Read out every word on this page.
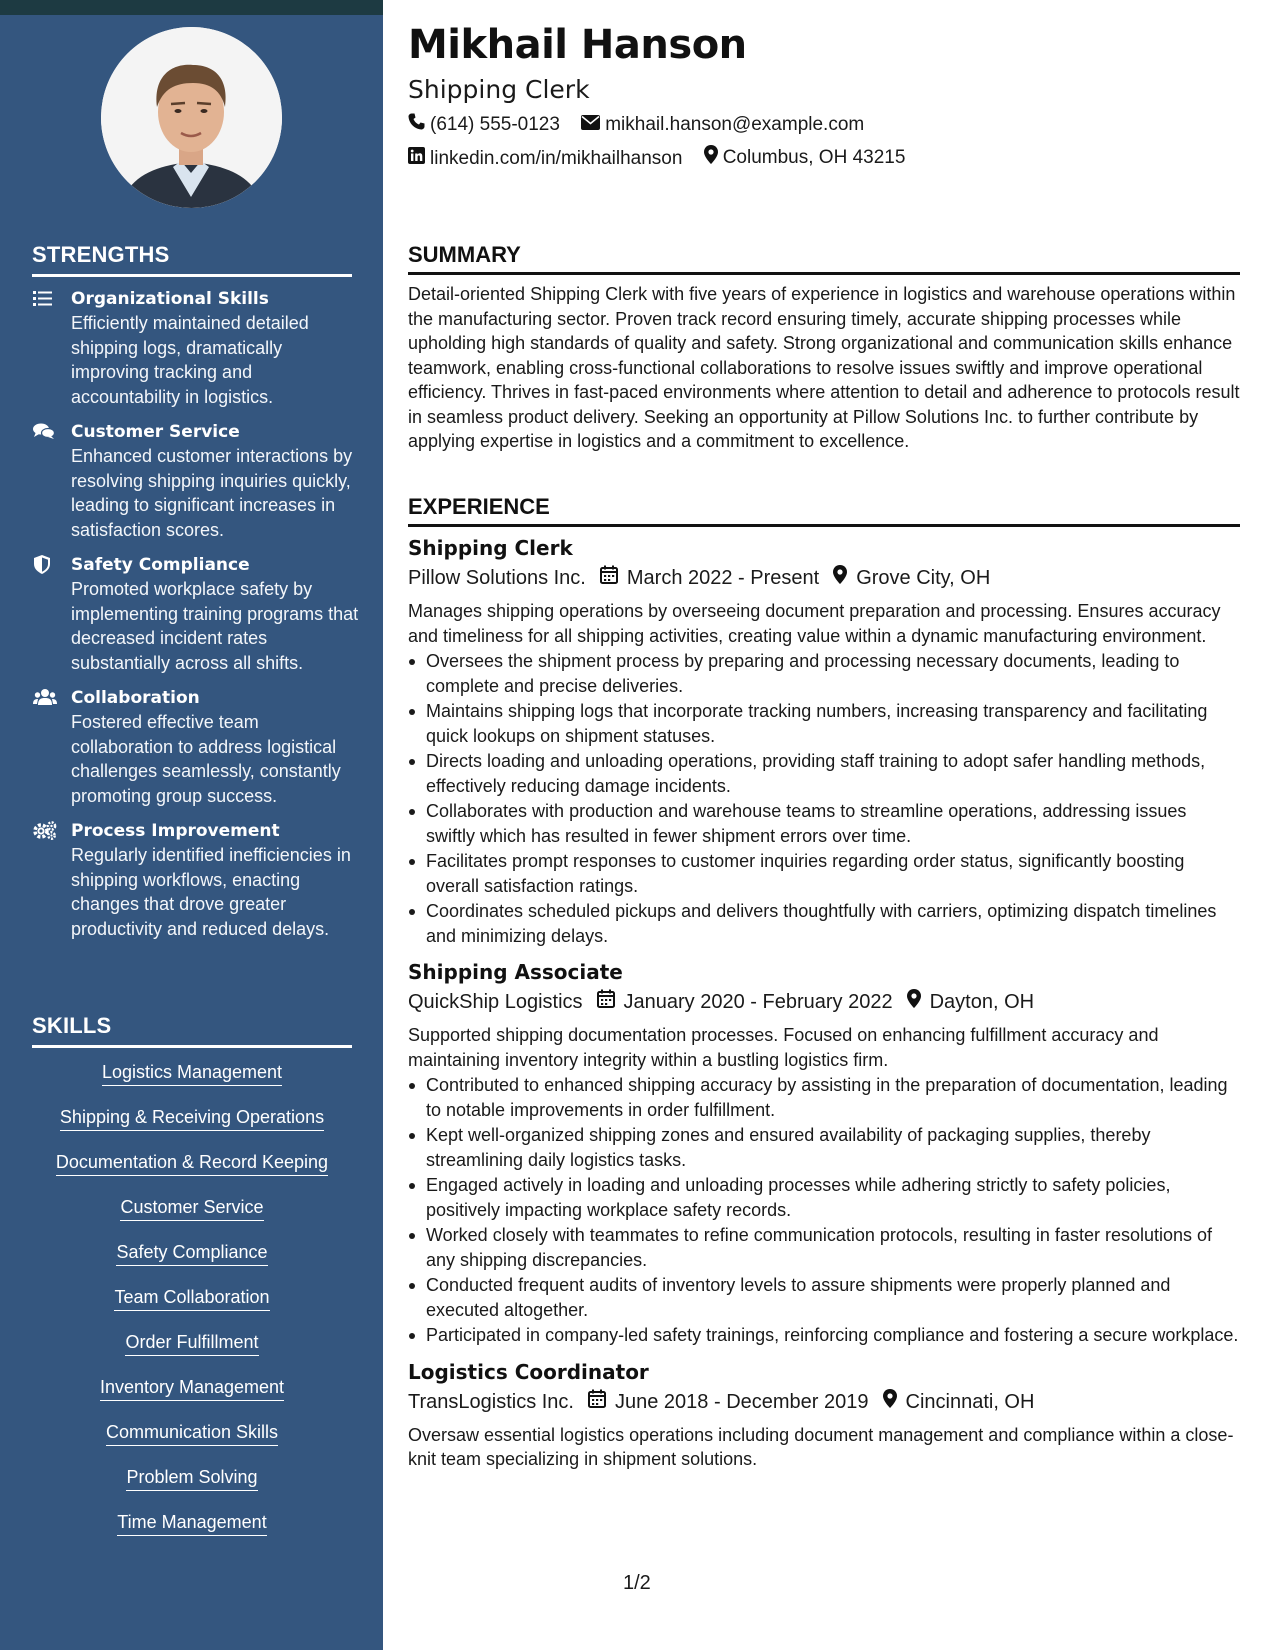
STRENGTHS
Organizational Skills
Efficiently maintained detailed shipping logs, dramatically improving tracking and accountability in logistics.
Customer Service
Enhanced customer interactions by resolving shipping inquiries quickly, leading to significant increases in satisfaction scores.
Safety Compliance
Promoted workplace safety by implementing training programs that decreased incident rates substantially across all shifts.
Collaboration
Fostered effective team collaboration to address logistical challenges seamlessly, constantly promoting group success.
Process Improvement
Regularly identified inefficiencies in shipping workflows, enacting changes that drove greater productivity and reduced delays.
SKILLS
Logistics Management
Shipping & Receiving Operations
Documentation & Record Keeping
Customer Service
Safety Compliance
Team Collaboration
Order Fulfillment
Inventory Management
Communication Skills
Problem Solving
Time Management
Mikhail Hanson
Shipping Clerk
(614) 555-0123
mikhail.hanson@example.com
linkedin.com/in/mikhailhanson
Columbus, OH 43215
SUMMARY
Detail-oriented Shipping Clerk with five years of experience in logistics and warehouse operations within the manufacturing sector. Proven track record ensuring timely, accurate shipping processes while upholding high standards of quality and safety. Strong organizational and communication skills enhance teamwork, enabling cross-functional collaborations to resolve issues swiftly and improve operational efficiency. Thrives in fast-paced environments where attention to detail and adherence to protocols result in seamless product delivery. Seeking an opportunity at Pillow Solutions Inc. to further contribute by applying expertise in logistics and a commitment to excellence.
EXPERIENCE
Shipping Clerk
Pillow Solutions Inc. March 2022 - Present Grove City, OH
Manages shipping operations by overseeing document preparation and processing. Ensures accuracy and timeliness for all shipping activities, creating value within a dynamic manufacturing environment.
Oversees the shipment process by preparing and processing necessary documents, leading to complete and precise deliveries.
Maintains shipping logs that incorporate tracking numbers, increasing transparency and facilitating quick lookups on shipment statuses.
Directs loading and unloading operations, providing staff training to adopt safer handling methods, effectively reducing damage incidents.
Collaborates with production and warehouse teams to streamline operations, addressing issues swiftly which has resulted in fewer shipment errors over time.
Facilitates prompt responses to customer inquiries regarding order status, significantly boosting overall satisfaction ratings.
Coordinates scheduled pickups and delivers thoughtfully with carriers, optimizing dispatch timelines and minimizing delays.
Shipping Associate
QuickShip Logistics January 2020 - February 2022 Dayton, OH
Supported shipping documentation processes. Focused on enhancing fulfillment accuracy and maintaining inventory integrity within a bustling logistics firm.
Contributed to enhanced shipping accuracy by assisting in the preparation of documentation, leading to notable improvements in order fulfillment.
Kept well-organized shipping zones and ensured availability of packaging supplies, thereby streamlining daily logistics tasks.
Engaged actively in loading and unloading processes while adhering strictly to safety policies, positively impacting workplace safety records.
Worked closely with teammates to refine communication protocols, resulting in faster resolutions of any shipping discrepancies.
Conducted frequent audits of inventory levels to assure shipments were properly planned and executed altogether.
Participated in company-led safety trainings, reinforcing compliance and fostering a secure workplace.
Logistics Coordinator
TransLogistics Inc. June 2018 - December 2019 Cincinnati, OH
Oversaw essential logistics operations including document management and compliance within a close-knit team specializing in shipment solutions.
1/2
